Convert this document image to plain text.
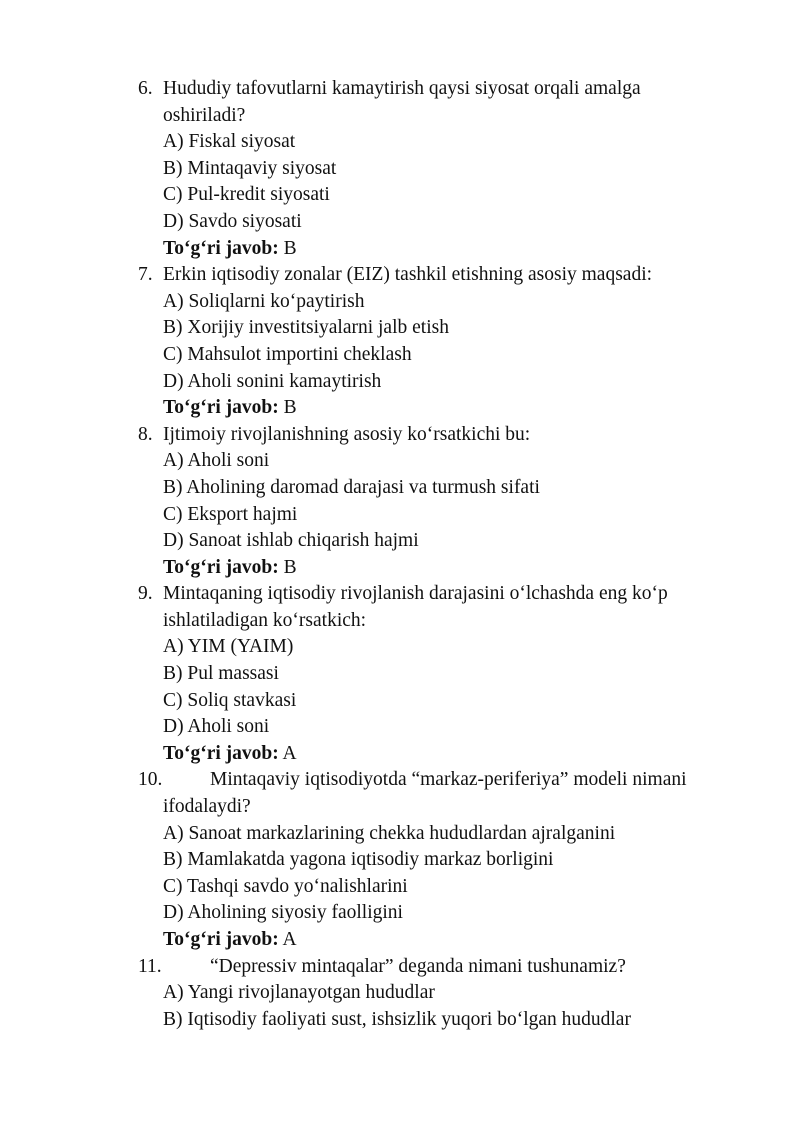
6. Hududiy tafovutlarni kamaytirish qaysi siyosat orqali amalga
oshiriladi?
A) Fiskal siyosat
B) Mintaqaviy siyosat
C) Pul-kredit siyosati
D) Savdo siyosati
To‘g‘ri javob: B
7. Erkin iqtisodiy zonalar (EIZ) tashkil etishning asosiy maqsadi:
A) Soliqlarni ko‘paytirish
B) Xorijiy investitsiyalarni jalb etish
C) Mahsulot importini cheklash
D) Aholi sonini kamaytirish
To‘g‘ri javob: B
8. Ijtimoiy rivojlanishning asosiy ko‘rsatkichi bu:
A) Aholi soni
B) Aholining daromad darajasi va turmush sifati
C) Eksport hajmi
D) Sanoat ishlab chiqarish hajmi
To‘g‘ri javob: B
9. Mintaqaning iqtisodiy rivojlanish darajasini o‘lchashda eng ko‘p
ishlatiladigan ko‘rsatkich:
A) YIM (YAIM)
B) Pul massasi
C) Soliq stavkasi
D) Aholi soni
To‘g‘ri javob: A
10. Mintaqaviy iqtisodiyotda “markaz-periferiya” modeli nimani
ifodalaydi?
A) Sanoat markazlarining chekka hududlardan ajralganini
B) Mamlakatda yagona iqtisodiy markaz borligini
C) Tashqi savdo yo‘nalishlarini
D) Aholining siyosiy faolligini
To‘g‘ri javob: A
11. “Depressiv mintaqalar” deganda nimani tushunamiz?
A) Yangi rivojlanayotgan hududlar
B) Iqtisodiy faoliyati sust, ishsizlik yuqori bo‘lgan hududlar
